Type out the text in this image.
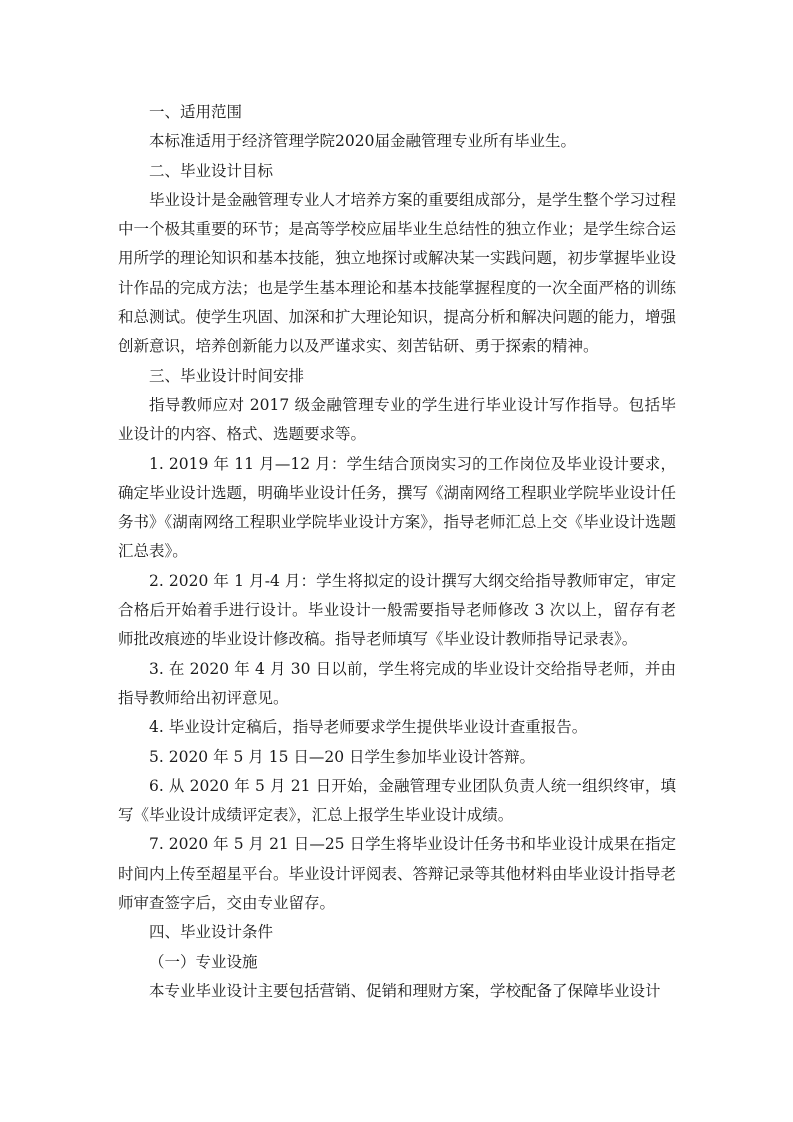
一、适用范围

本标准适用于经济管理学院2020届金融管理专业所有毕业生。

二、毕业设计目标

毕业设计是金融管理专业人才培养方案的重要组成部分，是学生整个学习过程中一个极其重要的环节；是高等学校应届毕业生总结性的独立作业；是学生综合运用所学的理论知识和基本技能，独立地探讨或解决某一实践问题，初步掌握毕业设计作品的完成方法；也是学生基本理论和基本技能掌握程度的一次全面严格的训练和总测试。使学生巩固、加深和扩大理论知识，提高分析和解决问题的能力，增强创新意识，培养创新能力以及严谨求实、刻苦钻研、勇于探索的精神。

三、毕业设计时间安排

指导教师应对 2017 级金融管理专业的学生进行毕业设计写作指导。包括毕业设计的内容、格式、选题要求等。

1. 2019 年 11 月—12 月：学生结合顶岗实习的工作岗位及毕业设计要求，确定毕业设计选题，明确毕业设计任务，撰写《湖南网络工程职业学院毕业设计任务书》《湖南网络工程职业学院毕业设计方案》，指导老师汇总上交《毕业设计选题汇总表》。

2. 2020 年 1 月-4 月：学生将拟定的设计撰写大纲交给指导教师审定，审定合格后开始着手进行设计。毕业设计一般需要指导老师修改 3 次以上，留存有老师批改痕迹的毕业设计修改稿。指导老师填写《毕业设计教师指导记录表》。

3. 在 2020 年 4 月 30 日以前，学生将完成的毕业设计交给指导老师，并由指导教师给出初评意见。

4. 毕业设计定稿后，指导老师要求学生提供毕业设计查重报告。

5. 2020 年 5 月 15 日—20 日学生参加毕业设计答辩。

6. 从 2020 年 5 月 21 日开始，金融管理专业团队负责人统一组织终审，填写《毕业设计成绩评定表》，汇总上报学生毕业设计成绩。

7. 2020 年 5 月 21 日—25 日学生将毕业设计任务书和毕业设计成果在指定时间内上传至超星平台。毕业设计评阅表、答辩记录等其他材料由毕业设计指导老师审查签字后，交由专业留存。

四、毕业设计条件

（一）专业设施

本专业毕业设计主要包括营销、促销和理财方案，学校配备了保障毕业设计
